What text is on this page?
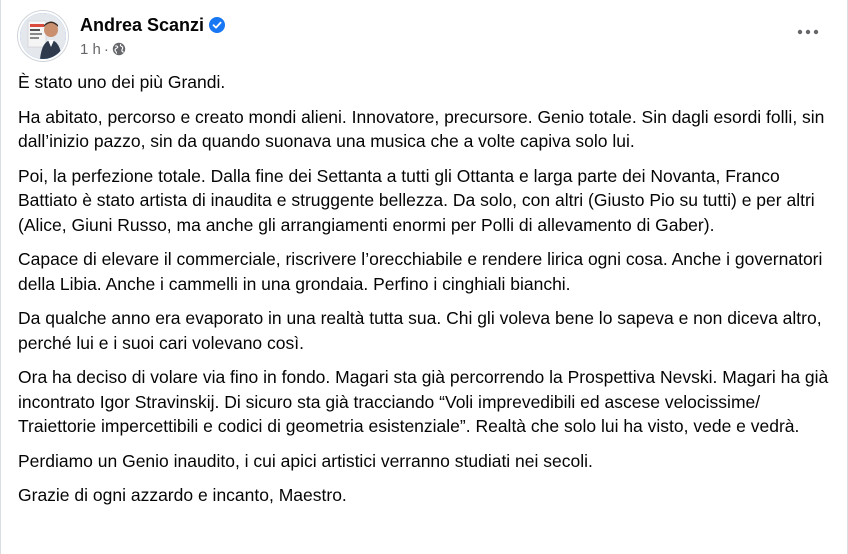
Andrea Scanzi
1 h ·

È stato uno dei più Grandi.

Ha abitato, percorso e creato mondi alieni. Innovatore, precursore. Genio totale. Sin dagli esordi folli, sin dall’inizio pazzo, sin da quando suonava una musica che a volte capiva solo lui.

Poi, la perfezione totale. Dalla fine dei Settanta a tutti gli Ottanta e larga parte dei Novanta, Franco Battiato è stato artista di inaudita e struggente bellezza. Da solo, con altri (Giusto Pio su tutti) e per altri (Alice, Giuni Russo, ma anche gli arrangiamenti enormi per Polli di allevamento di Gaber).

Capace di elevare il commerciale, riscrivere l’orecchiabile e rendere lirica ogni cosa. Anche i governatori della Libia. Anche i cammelli in una grondaia. Perfino i cinghiali bianchi.

Da qualche anno era evaporato in una realtà tutta sua. Chi gli voleva bene lo sapeva e non diceva altro, perché lui e i suoi cari volevano così.

Ora ha deciso di volare via fino in fondo. Magari sta già percorrendo la Prospettiva Nevski. Magari ha già incontrato Igor Stravinskij. Di sicuro sta già tracciando “Voli imprevedibili ed ascese velocissime/ Traiettorie impercettibili e codici di geometria esistenziale”. Realtà che solo lui ha visto, vede e vedrà.

Perdiamo un Genio inaudito, i cui apici artistici verranno studiati nei secoli.

Grazie di ogni azzardo e incanto, Maestro.
